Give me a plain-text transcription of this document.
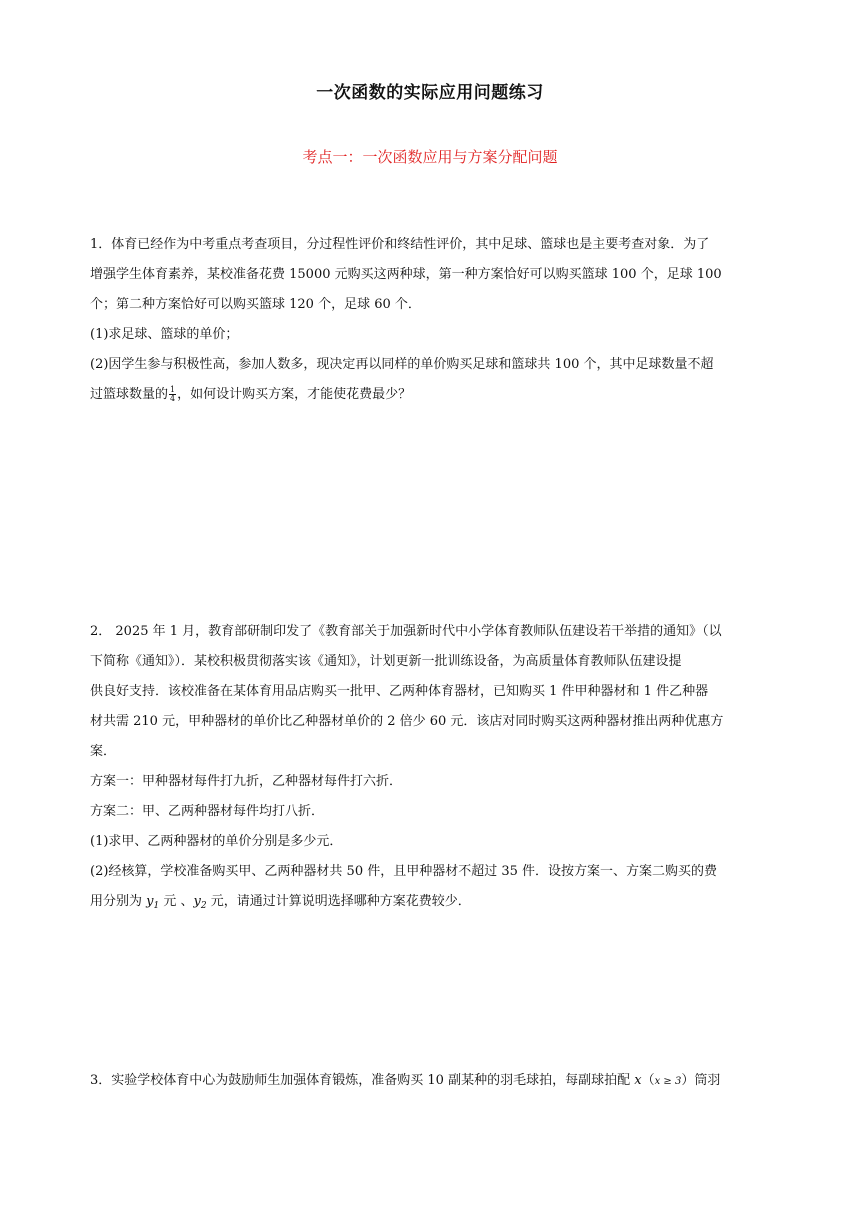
一次函数的实际应用问题练习
考点一：一次函数应用与方案分配问题
1．体育已经作为中考重点考查项目，分过程性评价和终结性评价，其中足球、篮球也是主要考查对象．为了
增强学生体育素养，某校准备花费 15000 元购买这两种球，第一种方案恰好可以购买篮球 100 个，足球 100
个；第二种方案恰好可以购买篮球 120 个，足球 60 个．
(1)求足球、篮球的单价；
(2)因学生参与积极性高，参加人数多，现决定再以同样的单价购买足球和篮球共 100 个，其中足球数量不超
过篮球数量的 $\frac{1}{4}$ ，如何设计购买方案，才能使花费最少？
2． 2025 年 1 月，教育部研制印发了《教育部关于加强新时代中小学体育教师队伍建设若干举措的通知》（以
下简称《通知》）．某校积极贯彻落实该《通知》，计划更新一批训练设备，为高质量体育教师队伍建设提
供良好支持．该校准备在某体育用品店购买一批甲、乙两种体育器材，已知购买 1 件甲种器材和 1 件乙种器
材共需 210 元，甲种器材的单价比乙种器材单价的 2 倍少 60 元．该店对同时购买这两种器材推出两种优惠方
案．
方案一：甲种器材每件打九折，乙种器材每件打六折．
方案二：甲、乙两种器材每件均打八折．
(1)求甲、乙两种器材的单价分别是多少元．
(2)经核算，学校准备购买甲、乙两种器材共 50 件，且甲种器材不超过 35 件．设按方案一、方案二购买的费
用分别为 $y_1$ 元 、$y_2$ 元，请通过计算说明选择哪种方案花费较少．
3．实验学校体育中心为鼓励师生加强体育锻炼，准备购买 10 副某种的羽毛球拍，每副球拍配 x（x ≥ 3）筒羽
